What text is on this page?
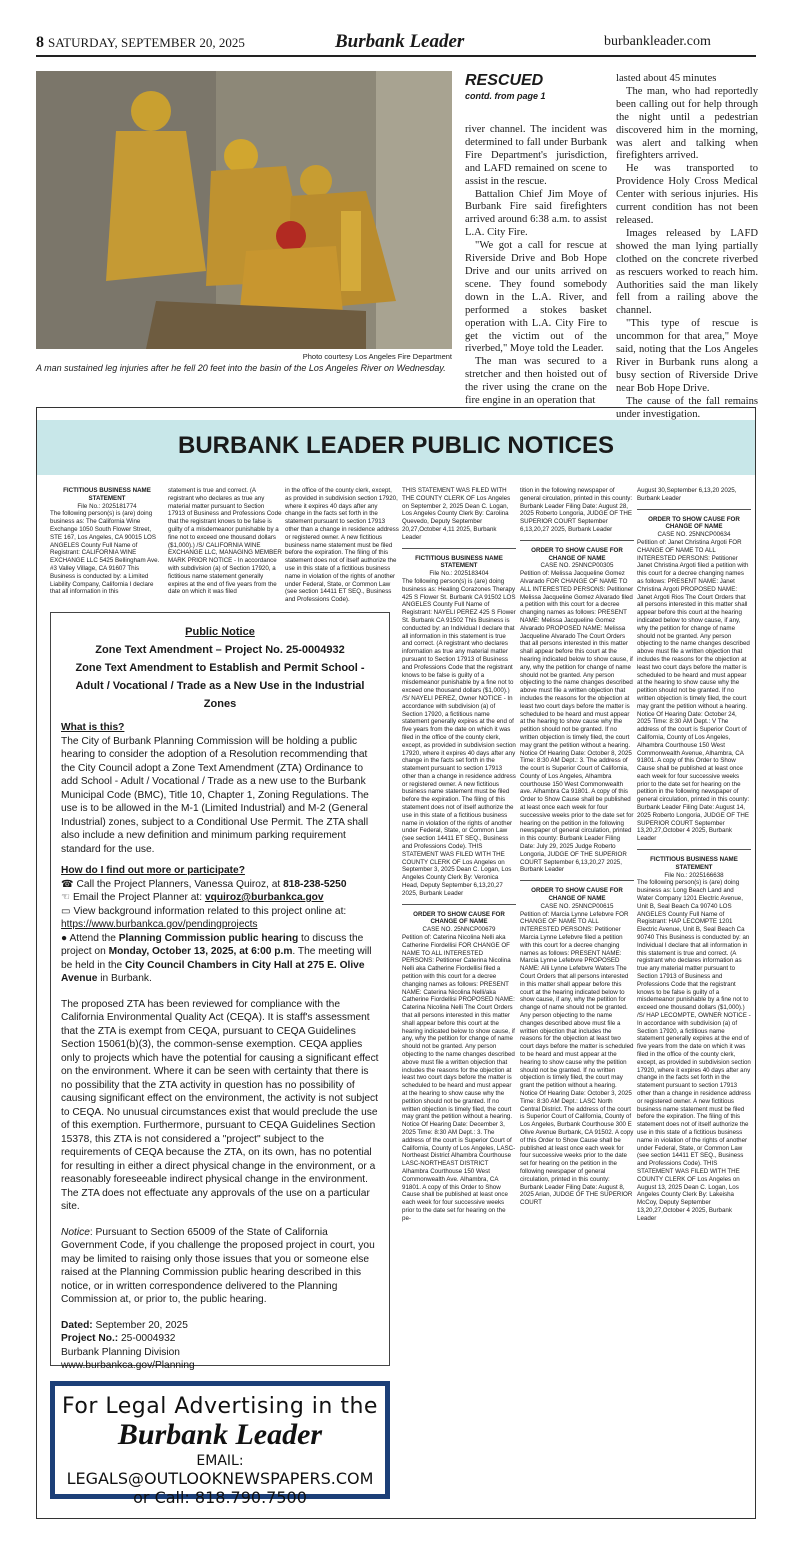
8 SATURDAY, SEPTEMBER 20, 2025	Burbank Leader	burbankleader.com
Photo courtesy Los Angeles Fire Department
A man sustained leg injuries after he fell 20 feet into the basin of the Los Angeles River on Wednesday.
RESCUED
contd. from page 1

river channel. The incident was determined to fall under Burbank Fire Department's jurisdiction, and LAFD remained on scene to assist in the rescue.

Battalion Chief Jim Moye of Burbank Fire said firefighters arrived around 6:38 a.m. to assist L.A. City Fire.

"We got a call for rescue at Riverside Drive and Bob Hope Drive and our units arrived on scene. They found somebody down in the L.A. River, and performed a stokes basket operation with L.A. City Fire to get the victim out of the riverbed," Moye told the Leader.

The man was secured to a stretcher and then hoisted out of the river using the crane on the fire engine in an operation that

lasted about 45 minutes

The man, who had reportedly been calling out for help through the night until a pedestrian discovered him in the morning, was alert and talking when firefighters arrived.

He was transported to Providence Holy Cross Medical Center with serious injuries. His current condition has not been released.

Images released by LAFD showed the man lying partially clothed on the concrete riverbed as rescuers worked to reach him. Authorities said the man likely fell from a railing above the channel.

"This type of rescue is uncommon for that area," Moye said, noting that the Los Angeles River in Burbank runs along a busy section of Riverside Drive near Bob Hope Drive.

The cause of the fall remains under investigation.

BURBANK LEADER PUBLIC NOTICES
FICTITIOUS BUSINESS NAME STATEMENT
File No.: 2025181774
The following person(s) is (are) doing business as: The California Wine Exchange 1050 South Flower Street, STE 167, Los Angeles, CA 90015 LOS ANGELES County Full Name of Registrant: CALIFORNIA WINE EXCHANGE LLC 5425 Bellingham Ave. #3 Valley Village, CA 91607 This Business is conducted by: a Limited Liability Company, California I declare that all information in this
statement is true and correct. (A registrant who declares as true any material matter pursuant to Section 17913 of Business and Professions Code that the registrant knows to be false is guilty of a misdemeanor punishable by a fine not to exceed one thousand dollars ($1,000).) /S/ CALIFORNIA WINE EXCHANGE LLC, MANAGING MEMBER MARK PRIOR NOTICE - In accordance with subdivision (a) of Section 17920, a fictitious name statement generally expires at the end of five years from the date on which it was filed
in the office of the county clerk, except, as provided in subdivision section 17920, where it expires 40 days after any change in the facts set forth in the statement pursuant to section 17913 other than a change in residence address or registered owner. A new fictitious business name statement must be filed before the expiration. The filing of this statement does not of itself authorize the use in this state of a fictitious business name in violation of the rights of another under Federal, State, or Common Law (see section 14411 ET SEQ., Business and Professions Code).
THIS STATEMENT WAS FILED WITH THE COUNTY CLERK OF Los Angeles on September 2, 2025 Dean C. Logan, Los Angeles County Clerk By: Carolina Quevedo, Deputy September 20,27,October 4,11 2025, Burbank Leader
FICTITIOUS BUSINESS NAME STATEMENT
File No.: 2025183404
The following person(s) is (are) doing business as: Healing Corazones Therapy 425 S Flower St. Burbank CA 91502 LOS ANGELES County Full Name of Registrant: NAYELI PEREZ 425 S Flower St. Burbank CA 91502 This Business is conducted by: an Individual I declare that all information in this statement is true and correct. (A registrant who declares information as true any material matter pursuant to Section 17913 of Business and Professions Code that the registrant knows to be false is guilty of a misdemeanor punishable by a fine not to exceed one thousand dollars ($1,000).) /S/ NAYELI PEREZ, Owner NOTICE - In accordance with subdivision (a) of Section 17920, a fictitious name statement generally expires at the end of five years from the date on which it was filed in the office of the county clerk, except, as provided in subdivision section 17920, where it expires 40 days after any change in the facts set forth in the statement pursuant to section 17913 other than a change in residence address or registered owner. A new fictitious business name statement must be filed before the expiration. The filing of this statement does not of itself authorize the use in this state of a fictitious business name in violation of the rights of another under Federal, State, or Common Law (see section 14411 ET SEQ., Business and Professions Code). THIS STATEMENT WAS FILED WITH THE COUNTY CLERK OF Los Angeles on September 3, 2025 Dean C. Logan, Los Angeles County Clerk By: Veronica Head, Deputy September 6,13,20,27 2025, Burbank Leader
ORDER TO SHOW CAUSE FOR CHANGE OF NAME
CASE NO. 25NNCP00679
Petition of: Caterina Nicolina Nelli aka Catherine Fiordellisi FOR CHANGE OF NAME TO ALL INTERESTED PERSONS: Petitioner Caterina Nicolina Nelli aka Catherine Fiordellisi filed a petition with this court for a decree changing names as follows: PRESENT NAME: Caterina Nicolina Nelli/aka Catherine Fiordellisi PROPOSED NAME: Caterina Nicolina Nelli The Court Orders that all persons interested in this matter shall appear before this court at the hearing indicated below to show cause, if any, why the petition for change of name should not be granted. Any person objecting to the name changes described above must file a written objection that includes the reasons for the objection at least two court days before the matter is scheduled to be heard and must appear at the hearing to show cause why the petition should not be granted. If no written objection is timely filed, the court may grant the petition without a hearing. Notice Of Hearing Date: December 3, 2025 Time: 8:30 AM Dept.: 3. The address of the court is Superior Court of California, County of Los Angeles, LASC-Northeast District Alhambra Courthouse LASC-NORTHEAST DISTRICT Alhambra Courthouse 150 West Commonwealth Ave. Alhambra, CA 91801. A copy of this Order to Show Cause shall be published at least once each week for four successive weeks prior to the date set for hearing on the pe-
tition in the following newspaper of general circulation, printed in this county: Burbank Leader Filing Date: August 28, 2025 Roberto Longoria, JUDGE OF THE SUPERIOR COURT September 6,13,20,27 2025, Burbank Leader
ORDER TO SHOW CAUSE FOR CHANGE OF NAME
CASE NO. 25NNCP00305
Petition of: Melissa Jacqueline Gomez Alvarado FOR CHANGE OF NAME TO ALL INTERESTED PERSONS: Petitioner Melissa Jacqueline Gomez Alvarado filed a petition with this court for a decree changing names as follows: PRESENT NAME: Melissa Jacqueline Gomez Alvarado PROPOSED NAME: Melissa Jacqueline Alvarado The Court Orders that all persons interested in this matter shall appear before this court at the hearing indicated below to show cause, if any, why the petition for change of name should not be granted. Any person objecting to the name changes described above must file a written objection that includes the reasons for the objection at least two court days before the matter is scheduled to be heard and must appear at the hearing to show cause why the petition should not be granted. If no written objection is timely filed, the court may grant the petition without a hearing. Notice Of Hearing Date: October 8, 2025 Time: 8:30 AM Dept.: 3. The address of the court is Superior Court of California, County of Los Angeles, Alhambra courthouse 150 West Commonwealth ave. Alhambra Ca 91801. A copy of this Order to Show Cause shall be published at least once each week for four successive weeks prior to the date set for hearing on the petition in the following newspaper of general circulation, printed in this county: Burbank Leader Filing Date: July 29, 2025 Judge Roberto Longoria, JUDGE OF THE SUPERIOR COURT September 6,13,20,27 2025, Burbank Leader
ORDER TO SHOW CAUSE FOR CHANGE OF NAME
CASE NO. 25NNCP00615
Petition of: Marcia Lynne Lefebvre FOR CHANGE OF NAME TO ALL INTERESTED PERSONS: Petitioner Marcia Lynne Lefebvre filed a petition with this court for a decree changing names as follows: PRESENT NAME: Marcia Lynne Lefebvre PROPOSED NAME: Alli Lynne Lefebvre Waters The Court Orders that all persons interested in this matter shall appear before this court at the hearing indicated below to show cause, if any, why the petition for change of name should not be granted. Any person objecting to the name changes described above must file a written objection that includes the reasons for the objection at least two court days before the matter is scheduled to be heard and must appear at the hearing to show cause why the petition should not be granted. If no written objection is timely filed, the court may grant the petition without a hearing. Notice Of Hearing Date: October 3, 2025 Time: 8:30 AM Dept.: LASC North Central District. The address of the court is Superior Court of California, County of Los Angeles, Burbank Courthouse 300 E Olive Avenue Burbank, CA 91502. A copy of this Order to Show Cause shall be published at least once each week for four successive weeks prior to the date set for hearing on the petition in the following newspaper of general circulation, printed in this county: Burbank Leader Filing Date: August 8, 2025 Arian, JUDGE OF THE SUPERIOR COURT
August 30,September 6,13,20 2025, Burbank Leader
ORDER TO SHOW CAUSE FOR CHANGE OF NAME
CASE NO. 25NNCP00634
Petition of: Janet Christina Argoti FOR CHANGE OF NAME TO ALL INTERESTED PERSONS: Petitioner Janet Christina Argoti filed a petition with this court for a decree changing names as follows: PRESENT NAME: Janet Christina Argoti PROPOSED NAME: Janet Argoti Rios The Court Orders that all persons interested in this matter shall appear before this court at the hearing indicated below to show cause, if any, why the petition for change of name should not be granted. Any person objecting to the name changes described above must file a written objection that includes the reasons for the objection at least two court days before the matter is scheduled to be heard and must appear at the hearing to show cause why the petition should not be granted. If no written objection is timely filed, the court may grant the petition without a hearing. Notice Of Hearing Date: October 24, 2025 Time: 8:30 AM Dept.: V The address of the court is Superior Court of California, County of Los Angeles, Alhambra Courthouse 150 West Commonwealth Avenue, Alhambra, CA 91801. A copy of this Order to Show Cause shall be published at least once each week for four successive weeks prior to the date set for hearing on the petition in the following newspaper of general circulation, printed in this county: Burbank Leader Filing Date: August 14, 2025 Roberto Longoria, JUDGE OF THE SUPERIOR COURT September 13,20,27,October 4 2025, Burbank Leader
FICTITIOUS BUSINESS NAME STATEMENT
File No.: 2025166638
The following person(s) is (are) doing business as: Long Beach Land and Water Company 1201 Electric Avenue, Unit B, Seal Beach Ca 90740 LOS ANGELES County Full Name of Registrant: HAP LECOMPTE 1201 Electric Avenue, Unit B, Seal Beach Ca 90740 This Business is conducted by: an Individual I declare that all information in this statement is true and correct. (A registrant who declares information as true any material matter pursuant to Section 17913 of Business and Professions Code that the registrant knows to be false is guilty of a misdemeanor punishable by a fine not to exceed one thousand dollars ($1,000).) /S/ HAP LECOMPTE, OWNER NOTICE - In accordance with subdivision (a) of Section 17920, a fictitious name statement generally expires at the end of five years from the date on which it was filed in the office of the county clerk, except, as provided in subdivision section 17920, where it expires 40 days after any change in the facts set forth in the statement pursuant to section 17913 other than a change in residence address or registered owner. A new fictitious business name statement must be filed before the expiration. The filing of this statement does not of itself authorize the use in this state of a fictitious business name in violation of the rights of another under Federal, State, or Common Law (see section 14411 ET SEQ., Business and Professions Code). THIS STATEMENT WAS FILED WITH THE COUNTY CLERK OF Los Angeles on August 13, 2025 Dean C. Logan, Los Angeles County Clerk By: Lakeisha McCoy, Deputy September 13,20,27,October 4 2025, Burbank Leader
Public Notice
Zone Text Amendment – Project No. 25-0004932
Zone Text Amendment to Establish and Permit School - Adult / Vocational / Trade as a New Use in the Industrial Zones
What is this?

The City of Burbank Planning Commission will be holding a public hearing to consider the adoption of a Resolution recommending that the City Council adopt a Zone Text Amendment (ZTA) Ordinance to add School - Adult / Vocational / Trade as a new use to the Burbank Municipal Code (BMC), Title 10, Chapter 1, Zoning Regulations. The use is to be allowed in the M-1 (Limited Industrial) and M-2 (General Industrial) zones, subject to a Conditional Use Permit. The ZTA shall also include a new definition and minimum parking requirement standard for the use.

How do I find out more or participate?

☎ Call the Project Planners, Vanessa Quiroz, at 818-238-5250

☜ Email the Project Planner at: vquiroz@burbankca.gov

▭ View background information related to this project online at: https://www.burbankca.gov/pendingprojects

● Attend the Planning Commission public hearing to discuss the project on Monday, October 13, 2025, at 6:00 p.m. The meeting will be held in the City Council Chambers in City Hall at 275 E. Olive Avenue in Burbank.

The proposed ZTA has been reviewed for compliance with the California Environmental Quality Act (CEQA). It is staff's assessment that the ZTA is exempt from CEQA, pursuant to CEQA Guidelines Section 15061(b)(3), the common-sense exemption. CEQA applies only to projects which have the potential for causing a significant effect on the environment. Where it can be seen with certainty that there is no possibility that the ZTA activity in question has no possibility of causing significant effect on the environment, the activity is not subject to CEQA. No unusual circumstances exist that would preclude the use of this exemption. Furthermore, pursuant to CEQA Guidelines Section 15378, this ZTA is not considered a "project" subject to the requirements of CEQA because the ZTA, on its own, has no potential for resulting in either a direct physical change in the environment, or a reasonably foreseeable indirect physical change in the environment. The ZTA does not effectuate any approvals of the use on a particular site.

Notice: Pursuant to Section 65009 of the State of California Government Code, if you challenge the proposed project in court, you may be limited to raising only those issues that you or someone else raised at the Planning Commission public hearing described in this notice, or in written correspondence delivered to the Planning Commission at, or prior to, the public hearing.

Dated: September 20, 2025

Project No.: 25-0004932

Burbank Planning Division

www.burbankca.gov/Planning

For Legal Advertising in the
Burbank Leader
EMAIL:
LEGALS@OUTLOOKNEWSPAPERS.COM
or Call: 818.790.7500
